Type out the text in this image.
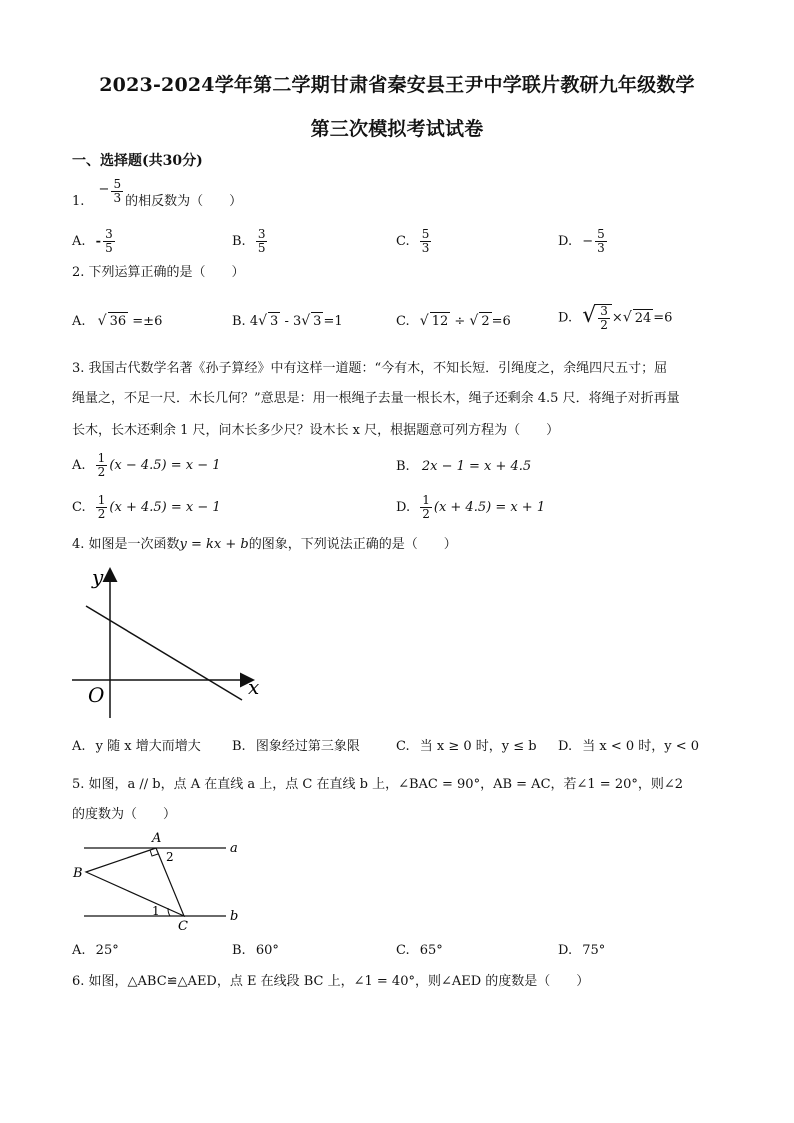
2023-2024学年第二学期甘肃省秦安县王尹中学联片教研九年级数学
第三次模拟考试试卷
一、选择题(共30分)
1. − $\frac{5}{3}$ 的相反数为（　　）
A. - $\frac{3}{5}$	B. $\frac{3}{5}$	C. $\frac{5}{3}$	D. − $\frac{5}{3}$
2. 下列运算正确的是（　　）
A. √ 36 =±6	B. 4√ 3 - 3√ 3 =1	C. √ 12 ÷ √ 2 =6	D. √ $\frac{3}{2}$ ×√ 24 =6
3. 我国古代数学名著《孙子算经》中有这样一道题：“今有木，不知长短．引绳度之，余绳四尺五寸；屈
绳量之，不足一尺．木长几何？”意思是：用一根绳子去量一根长木，绳子还剩余 4.5 尺．将绳子对折再量
长木，长木还剩余 1 尺，问木长多少尺？设木长 x 尺，根据题意可列方程为（　　）
A. $\frac{1}{2} (x - 4.5) = x - 1$	B. 2x − 1 = x + 4.5
C. $\frac{1}{2} (x + 4.5) = x - 1$	D. $\frac{1}{2} (x + 4.5) = x + 1$
4. 如图是一次函数y = kx + b的图象，下列说法正确的是（　　）
y
x
O
A. y 随 x 增大而增大 B. 图象经过第三象限	C. 当 x ≥ 0 时，y ≤ b D. 当 x < 0 时，y < 0
5. 如图，a // b，点 A 在直线 a 上，点 C 在直线 b 上，∠BAC = 90°，AB = AC，若∠1 = 20°，则∠2
的度数为（　　）
A
B
C
a
b
1
2
A. 25°	B. 60°	C. 65°	D. 75°
6. 如图，△ABC≌△AED，点 E 在线段 BC 上，∠1 = 40°，则∠AED 的度数是（　　）
